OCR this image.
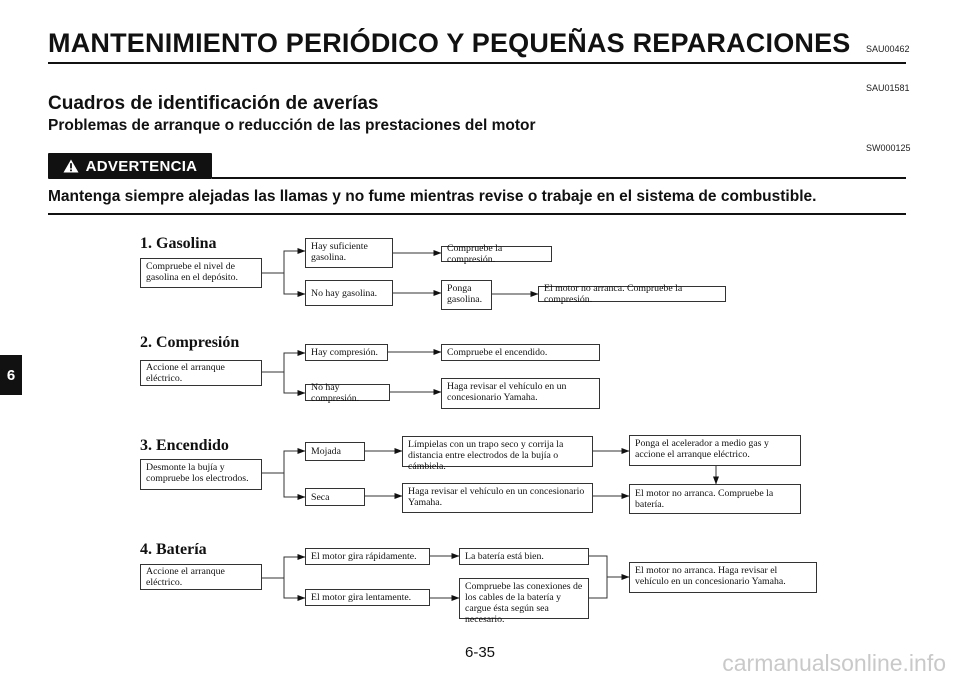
MANTENIMIENTO PERIÓDICO Y PEQUEÑAS REPARACIONES SAU00462
SAU01581
Cuadros de identificación de averías
Problemas de arranque o reducción de las prestaciones del motor
SW000125
ADVERTENCIA
Mantenga siempre alejadas las llamas y no fume mientras revise o trabaje en el sistema de combustible.
6
1. Gasolina
Compruebe el nivel de gasolina en el depósito.
Hay suficiente gasolina.
Compruebe la compresión.
No hay gasolina.	Ponga gasolina.
El motor no arranca. Compruebe la compresión.
2. Compresión
Accione el arranque eléctrico.
Hay compresión.	Compruebe el encendido.
No hay compresión.
Haga revisar el vehículo en un concesionario Yamaha.
3. Encendido
Desmonte la bujía y compruebe los electrodos.
Mojada
Límpielas con un trapo seco y corrija la distancia entre electrodos de la bujía o cámbiela.
Ponga el acelerador a medio gas y accione el arranque eléctrico.
Seca	Haga revisar el vehículo en un concesionario Yamaha.
El motor no arranca. Compruebe la batería.
4. Batería
Accione el arranque eléctrico.
El motor gira rápidamente.	La batería está bien.
El motor gira lentamente.
Compruebe las conexiones de los cables de la batería y cargue ésta según sea necesario.
El motor no arranca. Haga revisar el vehículo en un concesionario Yamaha.
6-35	carmanualsonline.info
